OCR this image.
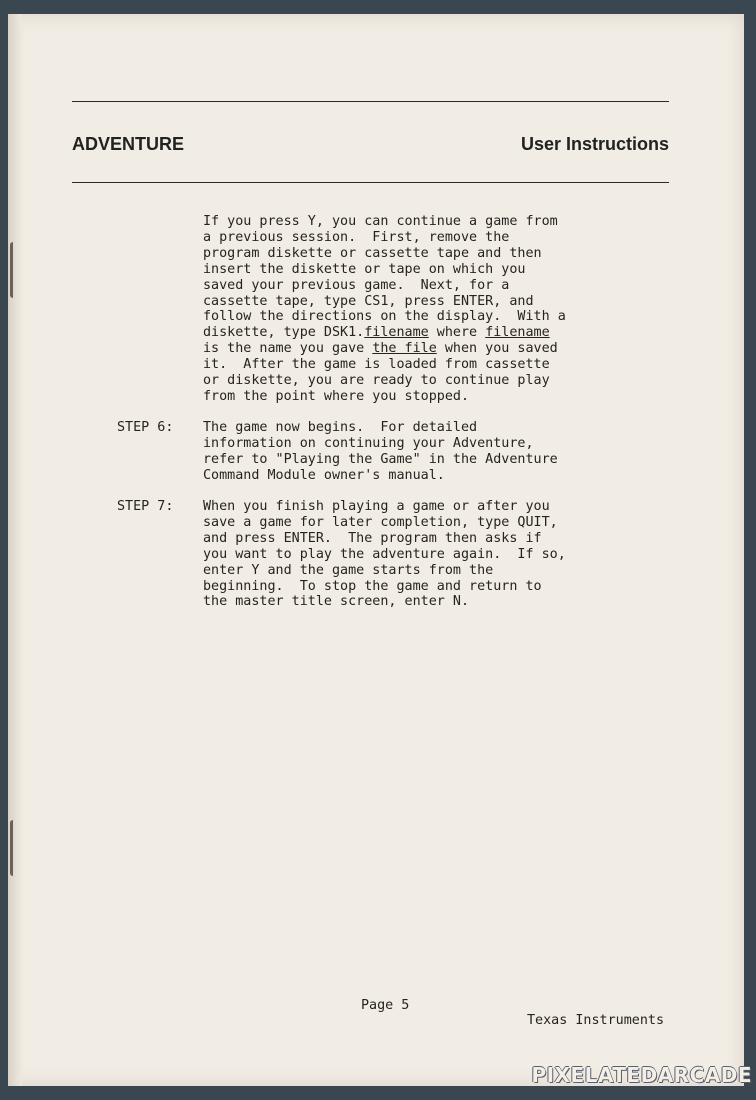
ADVENTURE	User Instructions
If you press Y, you can continue a game from
a previous session.  First, remove the
program diskette or cassette tape and then
insert the diskette or tape on which you
saved your previous game.  Next, for a
cassette tape, type CS1, press ENTER, and
follow the directions on the display.  With a
diskette, type DSK1.filename where filename
is the name you gave the file when you saved
it.  After the game is loaded from cassette
or diskette, you are ready to continue play
from the point where you stopped.
STEP 6: The game now begins.  For detailed
information on continuing your Adventure,
refer to "Playing the Game" in the Adventure
Command Module owner's manual.
STEP 7: When you finish playing a game or after you
save a game for later completion, type QUIT,
and press ENTER.  The program then asks if
you want to play the adventure again.  If so,
enter Y and the game starts from the
beginning.  To stop the game and return to
the master title screen, enter N.
Page 5
Texas Instruments
PIXELATEDARCADE
